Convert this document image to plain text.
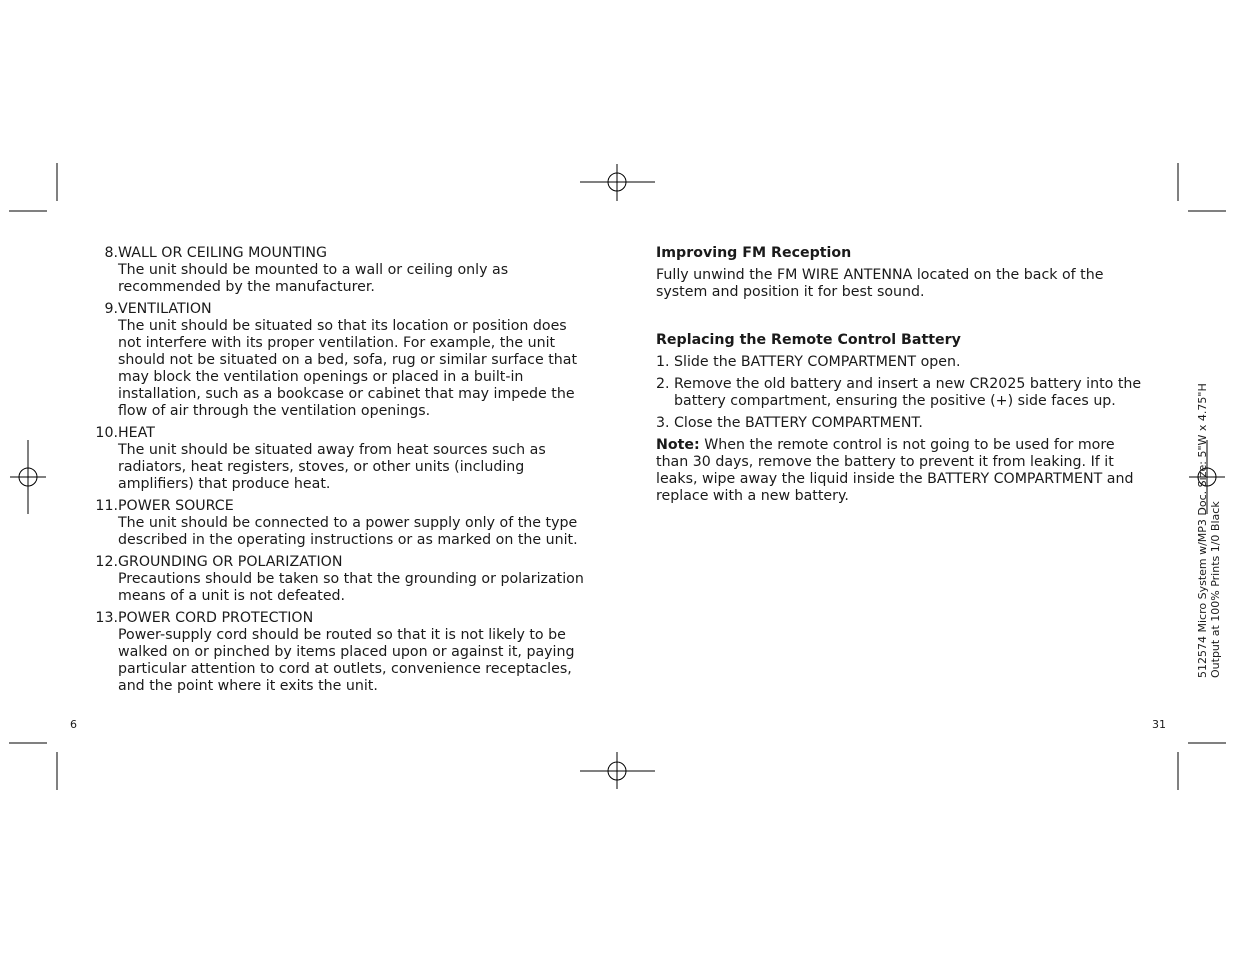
8. WALL OR CEILING MOUNTING
The unit should be mounted to a wall or ceiling only as recommended by the manufacturer.
9. VENTILATION
The unit should be situated so that its location or position does not interfere with its proper ventilation. For example, the unit should not be situated on a bed, sofa, rug or similar surface that may block the ventilation openings or placed in a built-in installation, such as a bookcase or cabinet that may impede the flow of air through the ventilation openings.
10. HEAT
The unit should be situated away from heat sources such as radiators, heat registers, stoves, or other units (including amplifiers) that produce heat.
11. POWER SOURCE
The unit should be connected to a power supply only of the type described in the operating instructions or as marked on the unit.
12. GROUNDING OR POLARIZATION
Precautions should be taken so that the grounding or polarization means of a unit is not defeated.
13. POWER CORD PROTECTION
Power-supply cord should be routed so that it is not likely to be walked on or pinched by items placed upon or against it, paying particular attention to cord at outlets, convenience receptacles, and the point where it exits the unit.
6
Improving FM Reception
Fully unwind the FM WIRE ANTENNA located on the back of the system and position it for best sound.
Replacing the Remote Control Battery
1. Slide the BATTERY COMPARTMENT open.
2. Remove the old battery and insert a new CR2025 battery into the battery compartment, ensuring the positive (+) side faces up.
3. Close the BATTERY COMPARTMENT.
Note: When the remote control is not going to be used for more than 30 days, remove the battery to prevent it from leaking. If it leaks, wipe away the liquid inside the BATTERY COMPARTMENT and replace with a new battery.
31
512574 Micro System w/MP3 Doc. Size: 5"W x 4.75"H Output at 100% Prints 1/0 Black
